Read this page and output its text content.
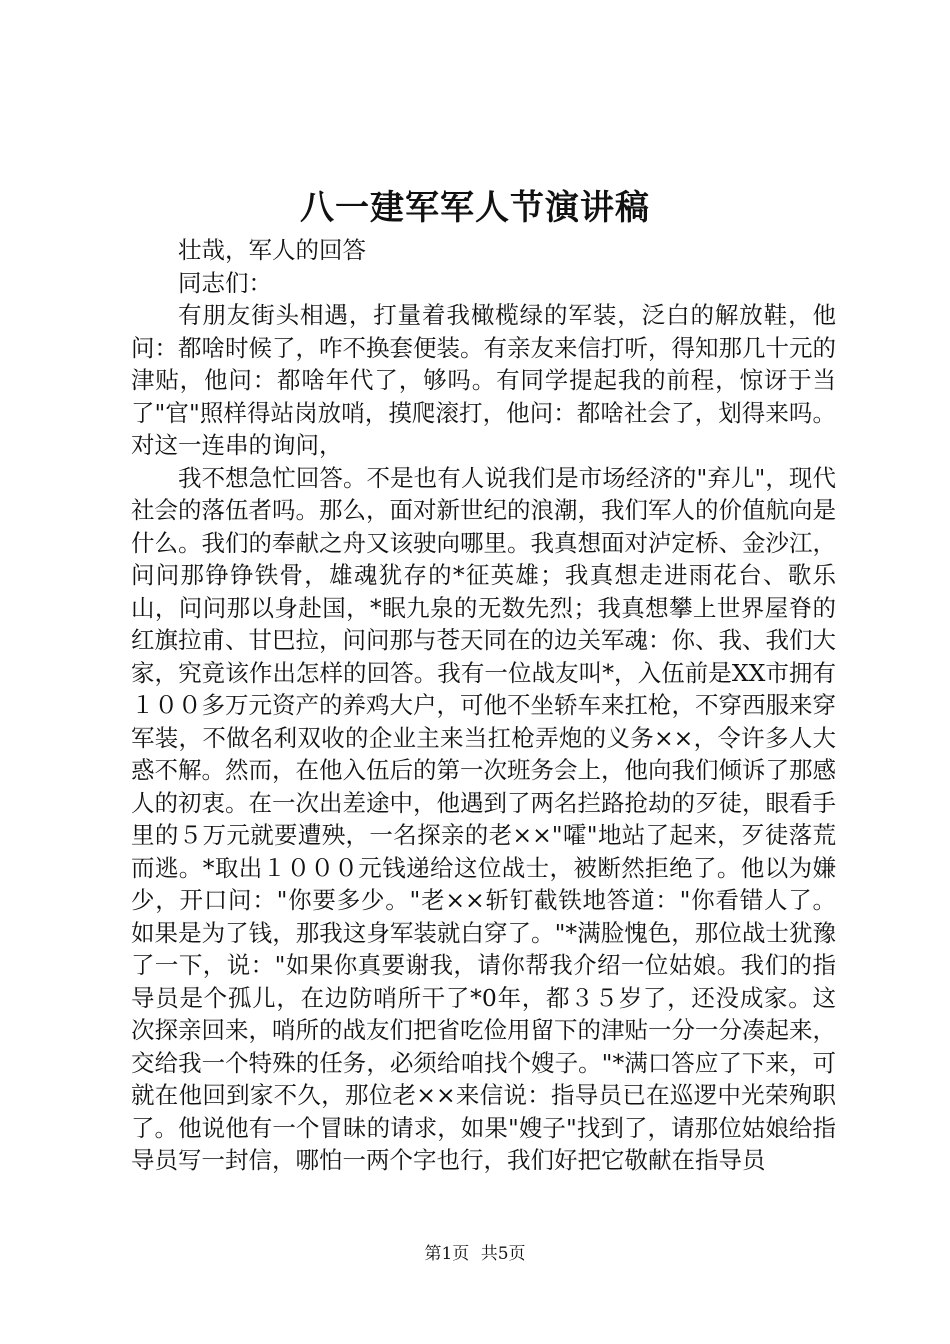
八一建军军人节演讲稿

壮哉，军人的回答

同志们：

有朋友街头相遇，打量着我橄榄绿的军装，泛白的解放鞋，他问：都啥时候了，咋不换套便装。有亲友来信打听，得知那几十元的津贴，他问：都啥年代了，够吗。有同学提起我的前程，惊讶于当了"官"照样得站岗放哨，摸爬滚打，他问：都啥社会了，划得来吗。对这一连串的询问，

我不想急忙回答。不是也有人说我们是市场经济的"弃儿"，现代社会的落伍者吗。那么，面对新世纪的浪潮，我们军人的价值航向是什么。我们的奉献之舟又该驶向哪里。我真想面对泸定桥、金沙江，问问那铮铮铁骨，雄魂犹存的*征英雄；我真想走进雨花台、歌乐山，问问那以身赴国，*眠九泉的无数先烈；我真想攀上世界屋脊的红旗拉甫、甘巴拉，问问那与苍天同在的边关军魂：你、我、我们大家，究竟该作出怎样的回答。我有一位战友叫*，入伍前是XX市拥有１００多万元资产的养鸡大户，可他不坐轿车来扛枪，不穿西服来穿军装，不做名利双收的企业主来当扛枪弄炮的义务××，令许多人大惑不解。然而，在他入伍后的第一次班务会上，他向我们倾诉了那感人的初衷。在一次出差途中，他遇到了两名拦路抢劫的歹徒，眼看手里的５万元就要遭殃，一名探亲的老××"嚯"地站了起来，歹徒落荒而逃。*取出１０００元钱递给这位战士，被断然拒绝了。他以为嫌少，开口问："你要多少。"老××斩钉截铁地答道："你看错人了。如果是为了钱，那我这身军装就白穿了。"*满脸愧色，那位战士犹豫了一下，说："如果你真要谢我，请你帮我介绍一位姑娘。我们的指导员是个孤儿，在边防哨所干了*0年，都３５岁了，还没成家。这次探亲回来，哨所的战友们把省吃俭用留下的津贴一分一分凑起来，交给我一个特殊的任务，必须给咱找个嫂子。"*满口答应了下来，可就在他回到家不久，那位老××来信说：指导员已在巡逻中光荣殉职了。他说他有一个冒昧的请求，如果"嫂子"找到了，请那位姑娘给指导员写一封信，哪怕一两个字也行，我们好把它敬献在指导员

第1页 共5页
